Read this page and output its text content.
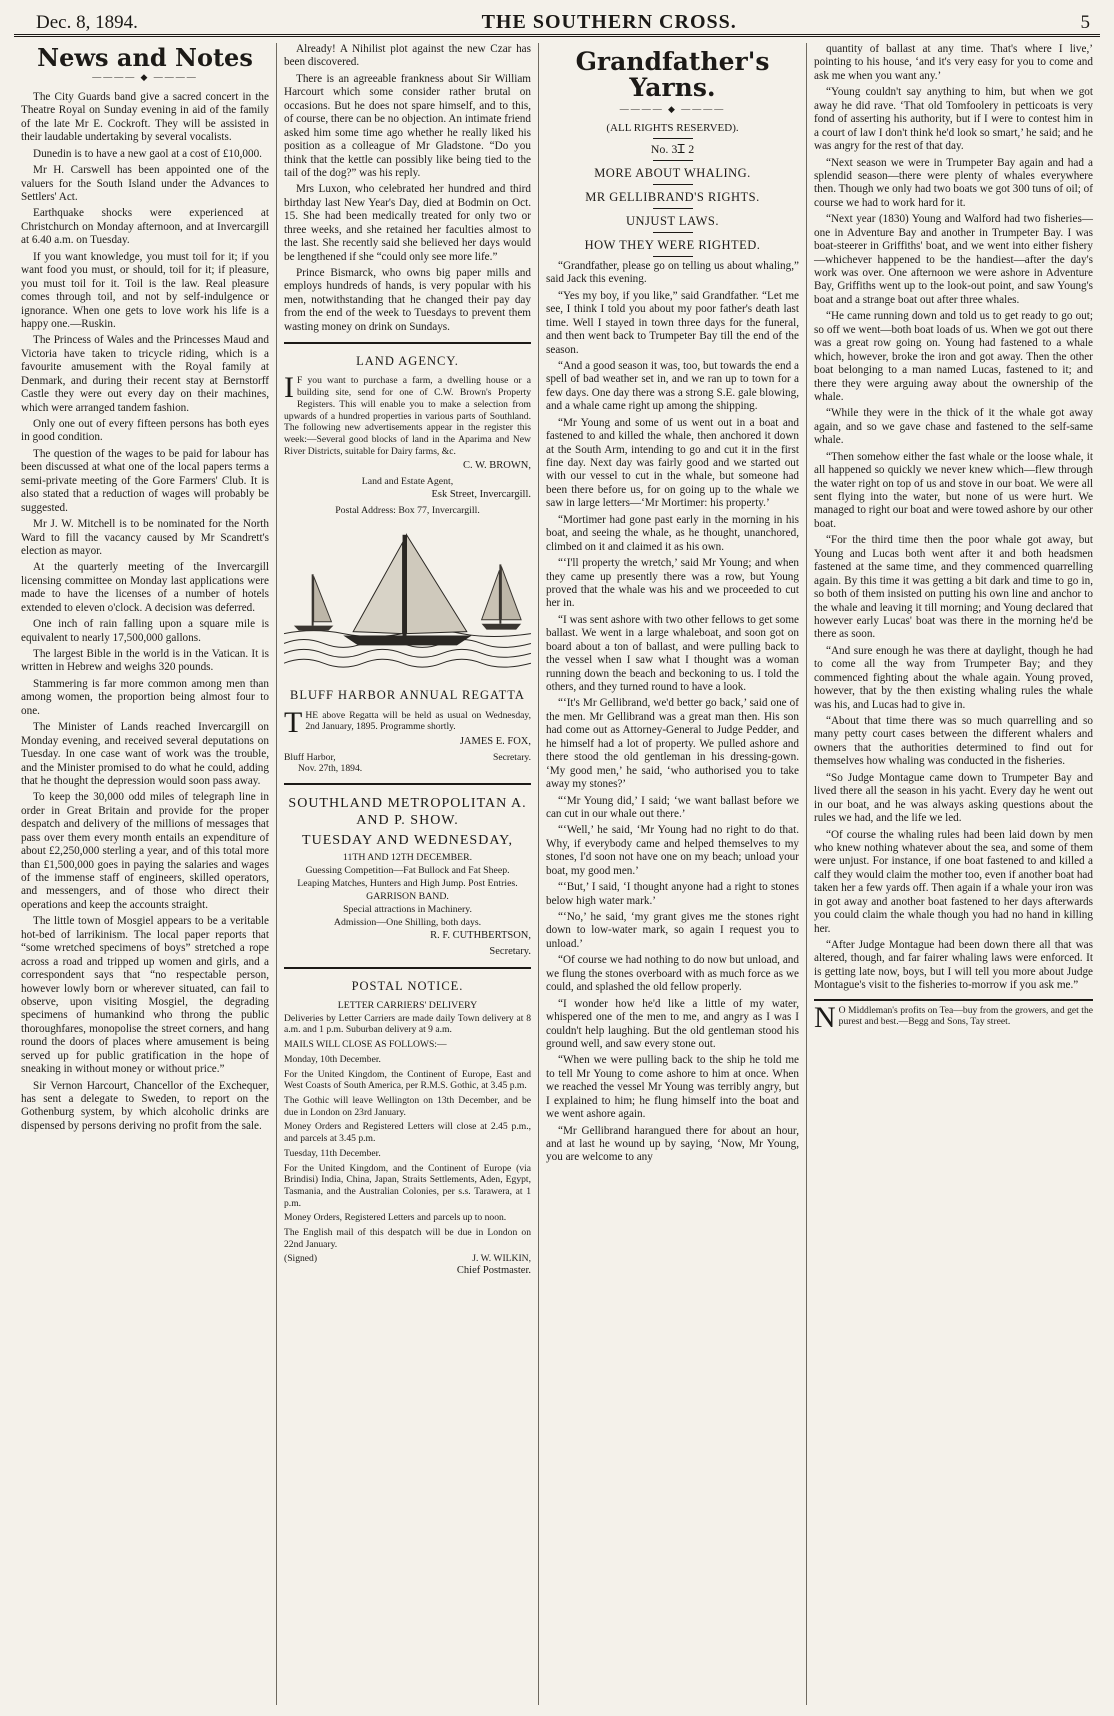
Dec. 8, 1894.	THE SOUTHERN CROSS.	5
News and Notes
———— ◆ ————

The City Guards band give a sacred concert in the Theatre Royal on Sunday evening in aid of the family of the late Mr E. Cockroft. They will be assisted in their laudable undertaking by several vocalists.

Dunedin is to have a new gaol at a cost of £10,000.

Mr H. Carswell has been appointed one of the valuers for the South Island under the Advances to Settlers' Act.

Earthquake shocks were experienced at Christchurch on Monday afternoon, and at Invercargill at 6.40 a.m. on Tuesday.

If you want knowledge, you must toil for it; if you want food you must, or should, toil for it; if pleasure, you must toil for it. Toil is the law. Real pleasure comes through toil, and not by self-indulgence or ignorance. When one gets to love work his life is a happy one.—Ruskin.

The Princess of Wales and the Princesses Maud and Victoria have taken to tricycle riding, which is a favourite amusement with the Royal family at Denmark, and during their recent stay at Bernstorff Castle they were out every day on their machines, which were arranged tandem fashion.

Only one out of every fifteen persons has both eyes in good condition.

The question of the wages to be paid for labour has been discussed at what one of the local papers terms a semi-private meeting of the Gore Farmers' Club. It is also stated that a reduction of wages will probably be suggested.

Mr J. W. Mitchell is to be nominated for the North Ward to fill the vacancy caused by Mr Scandrett's election as mayor.

At the quarterly meeting of the Invercargill licensing committee on Monday last applications were made to have the licenses of a number of hotels extended to eleven o'clock. A decision was deferred.

One inch of rain falling upon a square mile is equivalent to nearly 17,500,000 gallons.

The largest Bible in the world is in the Vatican. It is written in Hebrew and weighs 320 pounds.

Stammering is far more common among men than among women, the proportion being almost four to one.

The Minister of Lands reached Invercargill on Monday evening, and received several deputations on Tuesday. In one case want of work was the trouble, and the Minister promised to do what he could, adding that he thought the depression would soon pass away.

To keep the 30,000 odd miles of telegraph line in order in Great Britain and provide for the proper despatch and delivery of the millions of messages that pass over them every month entails an expenditure of about £2,250,000 sterling a year, and of this total more than £1,500,000 goes in paying the salaries and wages of the immense staff of engineers, skilled operators, and messengers, and of those who direct their operations and keep the accounts straight.

The little town of Mosgiel appears to be a veritable hot-bed of larrikinism. The local paper reports that “some wretched specimens of boys” stretched a rope across a road and tripped up women and girls, and a correspondent says that “no respectable person, however lowly born or wherever situated, can fail to observe, upon visiting Mosgiel, the degrading specimens of humankind who throng the public thoroughfares, monopolise the street corners, and hang round the doors of places where amusement is being served up for public gratification in the hope of sneaking in without money or without price.”

Sir Vernon Harcourt, Chancellor of the Exchequer, has sent a delegate to Sweden, to report on the Gothenburg system, by which alcoholic drinks are dispensed by persons deriving no profit from the sale.

Already! A Nihilist plot against the new Czar has been discovered.

There is an agreeable frankness about Sir William Harcourt which some consider rather brutal on occasions. But he does not spare himself, and to this, of course, there can be no objection. An intimate friend asked him some time ago whether he really liked his position as a colleague of Mr Gladstone. “Do you think that the kettle can possibly like being tied to the tail of the dog?” was his reply.

Mrs Luxon, who celebrated her hundred and third birthday last New Year's Day, died at Bodmin on Oct. 15. She had been medically treated for only two or three weeks, and she retained her faculties almost to the last. She recently said she believed her days would be lengthened if she “could only see more life.”

Prince Bismarck, who owns big paper mills and employs hundreds of hands, is very popular with his men, notwithstanding that he changed their pay day from the end of the week to Tuesdays to prevent them wasting money on drink on Sundays.

LAND AGENCY.

I F you want to purchase a farm, a dwelling house or a building site, send for one of C.W. Brown's Property Registers. This will enable you to make a selection from upwards of a hundred properties in various parts of Southland. The following new advertisements appear in the register this week:—Several good blocks of land in the Aparima and New River Districts, suitable for Dairy farms, &c.

C. W. BROWN,

Land and Estate Agent,

Esk Street, Invercargill.

Postal Address: Box 77, Invercargill.

BLUFF HARBOR ANNUAL REGATTA

THE above Regatta will be held as usual on Wednesday, 2nd January, 1895. Programme shortly.

JAMES E. FOX,

Bluff Harbor,	Secretary.

Nov. 27th, 1894.

SOUTHLAND METROPOLITAN A. AND P. SHOW.

TUESDAY AND WEDNESDAY,

11TH AND 12TH DECEMBER.

Guessing Competition—Fat Bullock and Fat Sheep.

Leaping Matches, Hunters and High Jump. Post Entries.

GARRISON BAND.

Special attractions in Machinery.

Admission—One Shilling, both days.

R. F. CUTHBERTSON,

Secretary.

POSTAL NOTICE.

LETTER CARRIERS' DELIVERY

Deliveries by Letter Carriers are made daily Town delivery at 8 a.m. and 1 p.m. Suburban delivery at 9 a.m.

MAILS WILL CLOSE AS FOLLOWS:—

Monday, 10th December.

For the United Kingdom, the Continent of Europe, East and West Coasts of South America, per R.M.S. Gothic, at 3.45 p.m.

The Gothic will leave Wellington on 13th December, and be due in London on 23rd January.

Money Orders and Registered Letters will close at 2.45 p.m., and parcels at 3.45 p.m.

Tuesday, 11th December.

For the United Kingdom, and the Continent of Europe (via Brindisi) India, China, Japan, Straits Settlements, Aden, Egypt, Tasmania, and the Australian Colonies, per s.s. Tarawera, at 1 p.m.

Money Orders, Registered Letters and parcels up to noon.

The English mail of this despatch will be due in London on 22nd January.

(Signed)	J. W. WILKIN,

Chief Postmaster.

Grandfather's Yarns.
———— ◆ ————

(ALL RIGHTS RESERVED).

No. 3Ꮖ 2

MORE ABOUT WHALING.
MR GELLIBRAND'S RIGHTS.
UNJUST LAWS.
HOW THEY WERE RIGHTED.

“Grandfather, please go on telling us about whaling,” said Jack this evening.

“Yes my boy, if you like,” said Grandfather. “Let me see, I think I told you about my poor father's death last time. Well I stayed in town three days for the funeral, and then went back to Trumpeter Bay till the end of the season.

“And a good season it was, too, but towards the end a spell of bad weather set in, and we ran up to town for a few days. One day there was a strong S.E. gale blowing, and a whale came right up among the shipping.

“Mr Young and some of us went out in a boat and fastened to and killed the whale, then anchored it down at the South Arm, intending to go and cut it in the first fine day. Next day was fairly good and we started out with our vessel to cut in the whale, but someone had been there before us, for on going up to the whale we saw in large letters—‘Mr Mortimer: his property.’

“Mortimer had gone past early in the morning in his boat, and seeing the whale, as he thought, unanchored, climbed on it and claimed it as his own.

“‘I'll property the wretch,’ said Mr Young; and when they came up presently there was a row, but Young proved that the whale was his and we proceeded to cut her in.

“I was sent ashore with two other fellows to get some ballast. We went in a large whaleboat, and soon got on board about a ton of ballast, and were pulling back to the vessel when I saw what I thought was a woman running down the beach and beckoning to us. I told the others, and they turned round to have a look.

“‘It's Mr Gellibrand, we'd better go back,’ said one of the men. Mr Gellibrand was a great man then. His son had come out as Attorney-General to Judge Pedder, and he himself had a lot of property. We pulled ashore and there stood the old gentleman in his dressing-gown. ‘My good men,’ he said, ‘who authorised you to take away my stones?’

“‘Mr Young did,’ I said; ‘we want ballast before we can cut in our whale out there.’

“‘Well,’ he said, ‘Mr Young had no right to do that. Why, if everybody came and helped themselves to my stones, I'd soon not have one on my beach; unload your boat, my good men.’

“‘But,’ I said, ‘I thought anyone had a right to stones below high water mark.’

“‘No,’ he said, ‘my grant gives me the stones right down to low-water mark, so again I request you to unload.’

“Of course we had nothing to do now but unload, and we flung the stones overboard with as much force as we could, and splashed the old fellow properly.

“I wonder how he'd like a little of my water, whispered one of the men to me, and angry as I was I couldn't help laughing. But the old gentleman stood his ground well, and saw every stone out.

“When we were pulling back to the ship he told me to tell Mr Young to come ashore to him at once. When we reached the vessel Mr Young was terribly angry, but I explained to him; he flung himself into the boat and we went ashore again.

“Mr Gellibrand harangued there for about an hour, and at last he wound up by saying, ‘Now, Mr Young, you are welcome to any

quantity of ballast at any time. That's where I live,’ pointing to his house, ‘and it's very easy for you to come and ask me when you want any.’

“Young couldn't say anything to him, but when we got away he did rave. ‘That old Tomfoolery in petticoats is very fond of asserting his authority, but if I were to contest him in a court of law I don't think he'd look so smart,’ he said; and he was angry for the rest of that day.

“Next season we were in Trumpeter Bay again and had a splendid season—there were plenty of whales everywhere then. Though we only had two boats we got 300 tuns of oil; of course we had to work hard for it.

“Next year (1830) Young and Walford had two fisheries—one in Adventure Bay and another in Trumpeter Bay. I was boat-steerer in Griffiths' boat, and we went into either fishery—whichever happened to be the handiest—after the day's work was over. One afternoon we were ashore in Adventure Bay, Griffiths went up to the look-out point, and saw Young's boat and a strange boat out after three whales.

“He came running down and told us to get ready to go out; so off we went—both boat loads of us. When we got out there was a great row going on. Young had fastened to a whale which, however, broke the iron and got away. Then the other boat belonging to a man named Lucas, fastened to it; and there they were arguing away about the ownership of the whale.

“While they were in the thick of it the whale got away again, and so we gave chase and fastened to the self-same whale.

“Then somehow either the fast whale or the loose whale, it all happened so quickly we never knew which—flew through the water right on top of us and stove in our boat. We were all sent flying into the water, but none of us were hurt. We managed to right our boat and were towed ashore by our other boat.

“For the third time then the poor whale got away, but Young and Lucas both went after it and both headsmen fastened at the same time, and they commenced quarrelling again. By this time it was getting a bit dark and time to go in, so both of them insisted on putting his own line and anchor to the whale and leaving it till morning; and Young declared that however early Lucas' boat was there in the morning he'd be there as soon.

“And sure enough he was there at daylight, though he had to come all the way from Trumpeter Bay; and they commenced fighting about the whale again. Young proved, however, that by the then existing whaling rules the whale was his, and Lucas had to give in.

“About that time there was so much quarrelling and so many petty court cases between the different whalers and owners that the authorities determined to find out for themselves how whaling was conducted in the fisheries.

“So Judge Montague came down to Trumpeter Bay and lived there all the season in his yacht. Every day he went out in our boat, and he was always asking questions about the rules we had, and the life we led.

“Of course the whaling rules had been laid down by men who knew nothing whatever about the sea, and some of them were unjust. For instance, if one boat fastened to and killed a calf they would claim the mother too, even if another boat had taken her a few yards off. Then again if a whale your iron was in got away and another boat fastened to her days afterwards you could claim the whale though you had no hand in killing her.

“After Judge Montague had been down there all that was altered, though, and far fairer whaling laws were enforced. It is getting late now, boys, but I will tell you more about Judge Montague's visit to the fisheries to-morrow if you ask me.”

N O Middleman's profits on Tea—buy from the growers, and get the purest and best.—Begg and Sons, Tay street.
